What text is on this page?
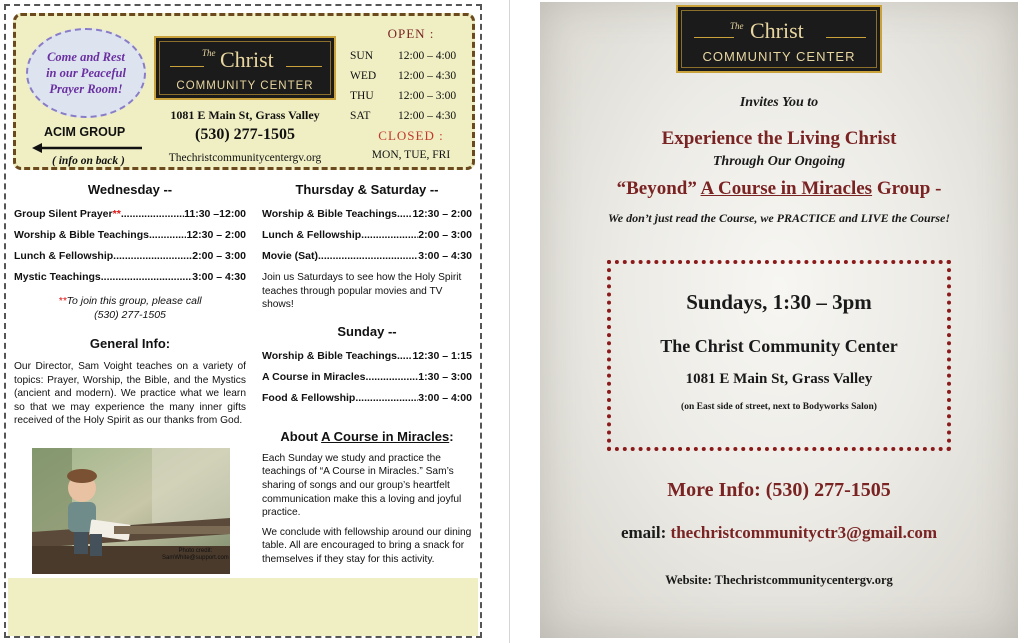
Come and Rest
in our Peaceful
Prayer Room!
The Christ
COMMUNITY CENTER
1081 E Main St, Grass Valley
(530) 277-1505
Thechristcommunitycentergv.org
ACIM GROUP
( info on back )
OPEN :
SUN	12:00 – 4:00
WED	12:00 – 4:30
THU	12:00 – 3:00
SAT	12:00 – 4:30
CLOSED :
MON, TUE, FRI
Wednesday --
Group Silent Prayer ** .....	11:30 –12:00
Worship & Bible Teachings .....	12:30 – 2:00
Lunch & Fellowship .....	2:00 – 3:00
Mystic Teachings .....	3:00 – 4:30
**To join this group, please call
(530) 277-1505
General Info:

Our Director, Sam Voight teaches on a variety of topics: Prayer, Worship, the Bible, and the Mystics (ancient and modern). We practice what we learn so that we may experience the many inner gifts received of the Holy Spirit as our thanks from God.

Photo credit:
SamWhite@support.com
Thursday & Saturday --
Worship & Bible Teachings ..... 12:30 – 2:00
Lunch & Fellowship .....	2:00 – 3:00
Movie (Sat) .....	3:00 – 4:30

Join us Saturdays to see how the Holy Spirit teaches through popular movies and TV shows!

Sunday --
Worship & Bible Teachings ..... 12:30 – 1:15
A Course in Miracles .....	1:30 – 3:00
Food & Fellowship .....	3:00 – 4:00
About A Course in Miracles:

Each Sunday we study and practice the teachings of “A Course in Miracles.” Sam’s sharing of songs and our group’s heartfelt communication make this a loving and joyful practice.

We conclude with fellowship around our dining table. All are encouraged to bring a snack for themselves if they stay for this activity.

The Christ
COMMUNITY CENTER
Invites You to
Experience the Living Christ
Through Our Ongoing
“Beyond” A Course in Miracles Group -
We don’t just read the Course, we PRACTICE and LIVE the Course!
Sundays, 1:30 – 3pm
The Christ Community Center
1081 E Main St, Grass Valley
(on East side of street, next to Bodyworks Salon)
More Info: (530) 277-1505
email: thechristcommunityctr3@gmail.com
Website: Thechristcommunitycentergv.org
